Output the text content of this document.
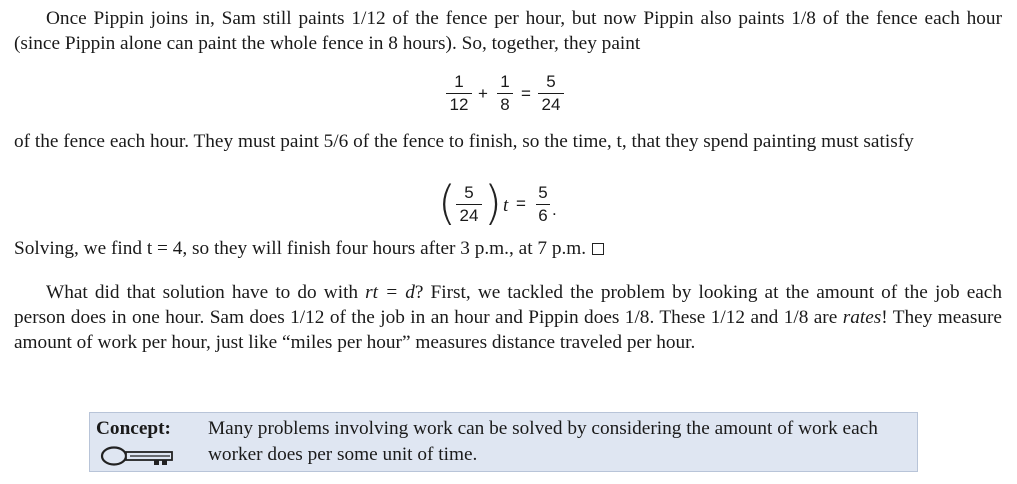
Once Pippin joins in, Sam still paints 1/12 of the fence per hour, but now Pippin also paints 1/8 of the fence each hour (since Pippin alone can paint the whole fence in 8 hours). So, together, they paint

1
12
+
1
8
=
5
24

of the fence each hour. They must paint 5/6 of the fence to finish, so the time, t, that they spend painting must satisfy

( 5
24 ) t =
5
6 .
Solving, we find t = 4, so they will finish four hours after 3 p.m., at 7 p.m.

What did that solution have to do with rt = d? First, we tackled the problem by looking at the amount of the job each person does in one hour. Sam does 1/12 of the job in an hour and Pippin does 1/8. These 1/12 and 1/8 are rates! They measure amount of work per hour, just like “miles per hour” measures distance traveled per hour.

Concept: Many problems involving work can be solved by considering the amount of work each worker does per some unit of time.
